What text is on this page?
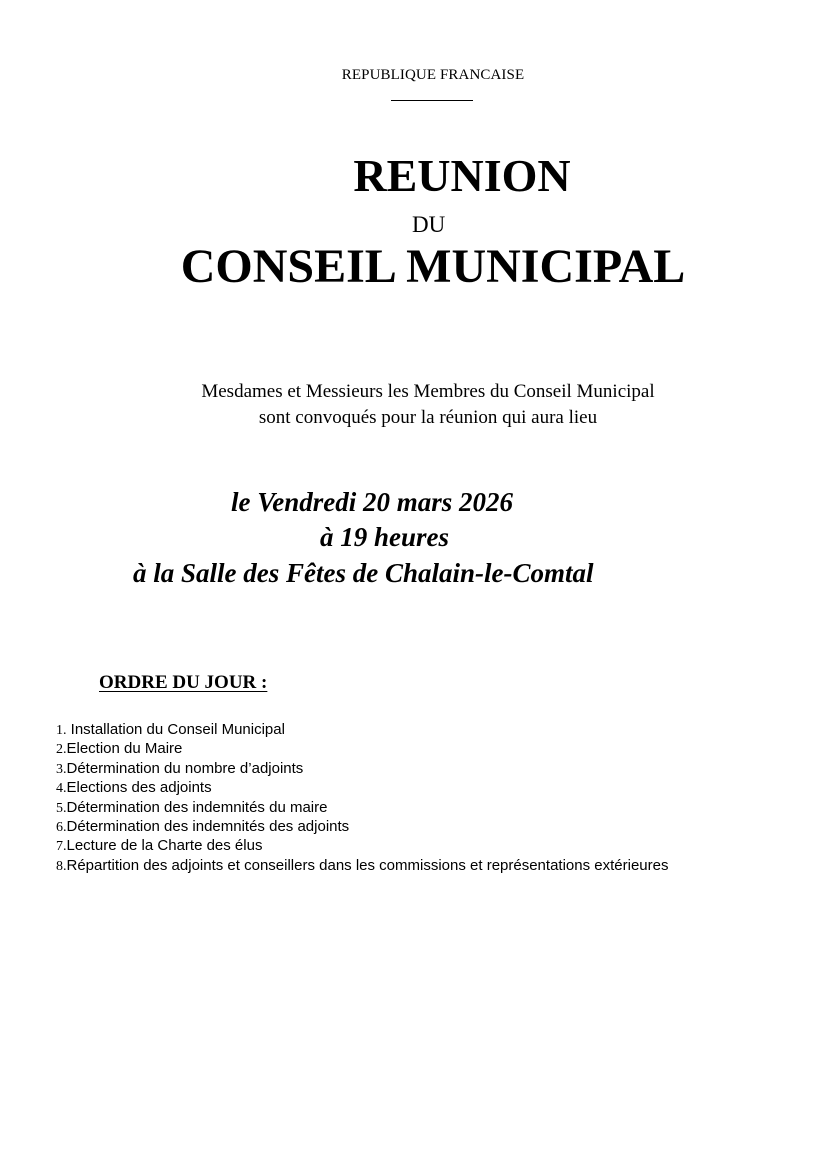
REPUBLIQUE FRANCAISE
REUNION
DU
CONSEIL MUNICIPAL
Mesdames et Messieurs les Membres du Conseil Municipal
sont convoqués pour la réunion qui aura lieu
le Vendredi 20 mars 2026
à 19 heures
à la Salle des Fêtes de Chalain-le-Comtal
ORDRE DU JOUR :
1. Installation du Conseil Municipal
2.Election du Maire
3.Détermination du nombre d’adjoints
4.Elections des adjoints
5.Détermination des indemnités du maire
6.Détermination des indemnités des adjoints
7.Lecture de la Charte des élus
8.Répartition des adjoints et conseillers dans les commissions et représentations extérieures
